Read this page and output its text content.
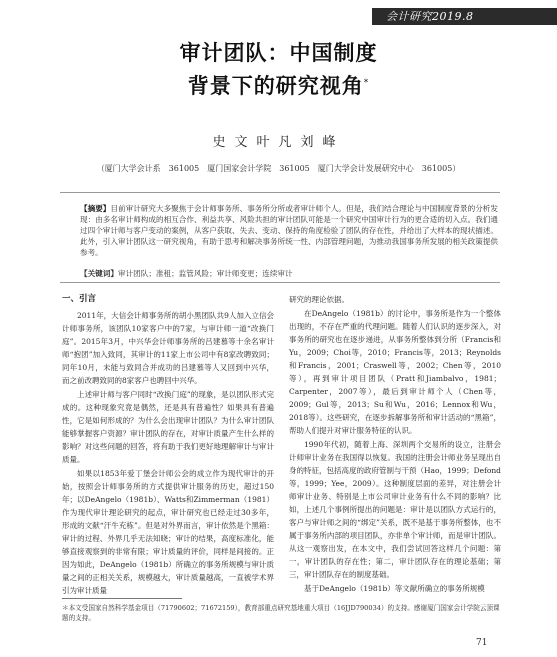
会计研究2019.8
审计团队：中国制度
背景下的研究视角*
史文叶凡刘峰
（厦门大学会计系　361005　厦门国家会计学院　361005　厦门大学会计发展研究中心　361005）
【摘要】目前审计研究大多聚焦于会计师事务所、事务所分所或者审计师个人。但是，我们结合理论与中国制度背景的分析发现：由多名审计师构成的相互合作、利益共享、风险共担的审计团队可能是一个研究中国审计行为的更合适的切入点。我们通过四个审计师与客户变动的案例，从客户获取、失去、变动、保持的角度检验了团队的存在性，并给出了大样本的现状描述。此外，引入审计团队这一研究视角，有助于思考和解决事务所统一性、内部管理问题，为推动我国事务所发展的相关政策提供参考。
【关键词】审计团队；准租；监管风险；审计师变更；连续审计
一、引言

2011年，大信会计师事务所的胡小黑团队共9人加入立信会计师事务所，该团队10家客户中的7家，与审计师一道“改换门庭”。2015年3月，中兴华会计师事务所的吕建慕等十余名审计师“抱团”加入致同，其审计的11家上市公司中有8家改聘致同；同年10月，未能与致同合并成功的吕建慕等人又回到中兴华，而之前改聘致同的8家客户也聘回中兴华。

上述审计师与客户同时“改换门庭”的现象，是以团队形式完成的。这种现象究竟是偶然，还是具有普遍性？如果具有普遍性，它是如何形成的？为什么会出现审计团队？为什么审计团队能够掌握客户资源？审计团队的存在，对审计质量产生什么样的影响？对这些问题的回答，将有助于我们更好地理解审计与审计质量。

如果以1853年爱丁堡会计师公会的成立作为现代审计的开始，按照会计师事务所的方式提供审计服务的历史，超过150年；以DeAngelo（1981b）、Watts和Zimmerman（1981）作为现代审计理论研究的起点，审计研究也已经走过30多年，形成的文献“汗牛充栋”。但是对外界而言，审计依然是个黑箱：审计的过程、外界几乎无法知晓；审计的结果，高度标准化，能够直接观察到的非常有限；审计质量的评价，同样是间接的。正因为如此，DeAngelo（1981b）所确立的事务所规模与审计质量之间的正相关关系，规模越大，审计质量越高，一直被学术界引为审计质量

研究的理论依据。

在DeAngelo（1981b）的讨论中，事务所是作为一个整体出现的，不存在严重的代理问题。随着人们认识的逐步深入，对事务所的研究也在逐步递进，从事务所整体到分所（Francis和Yu，2009；Choi等，2010；Francis等，2013；Reynolds和Francis，2001；Craswell等，2002；Chen等，2010等），再到审计项目团队（Pratt和Jiambalvo，1981；Carpenter，2007等），最后到审计师个人（Chen等，2009；Gul等，2013；Su和Wu，2016；Lennox和Wu，2018等）。这些研究，在逐步拆解事务所和审计活动的“黑箱”，帮助人们提升对审计服务特征的认识。

1990年代初，随着上海、深圳两个交易所的设立，注册会计师审计业务在我国得以恢复。我国的注册会计师业务呈现出自身的特征，包括高度的政府管制与干预（Hao，1999；Defond等，1999；Yee，2009）。这种制度层面的差异，对注册会计师审计业务、特别是上市公司审计业务有什么不同的影响？比如，上述几个事例所提出的问题是：审计是以团队方式运行的，客户与审计师之间的“绑定”关系，既不是基于事务所整体，也不属于事务所内部的项目团队，亦非单个审计师，而是审计团队。从这一观察出发，在本文中，我们尝试回答这样几个问题：第一，审计团队的存在性；第二，审计团队存在的理论基础；第三，审计团队存在的制度基础。

基于DeAngelo（1981b）等文献所确立的事务所规模

＊本文受国家自然科学基金项目（71790602；71672159），教育部重点研究基地重大项目（16JJD790034）的支持。感谢厦门国家会计学院云顶课题的支持。
71
